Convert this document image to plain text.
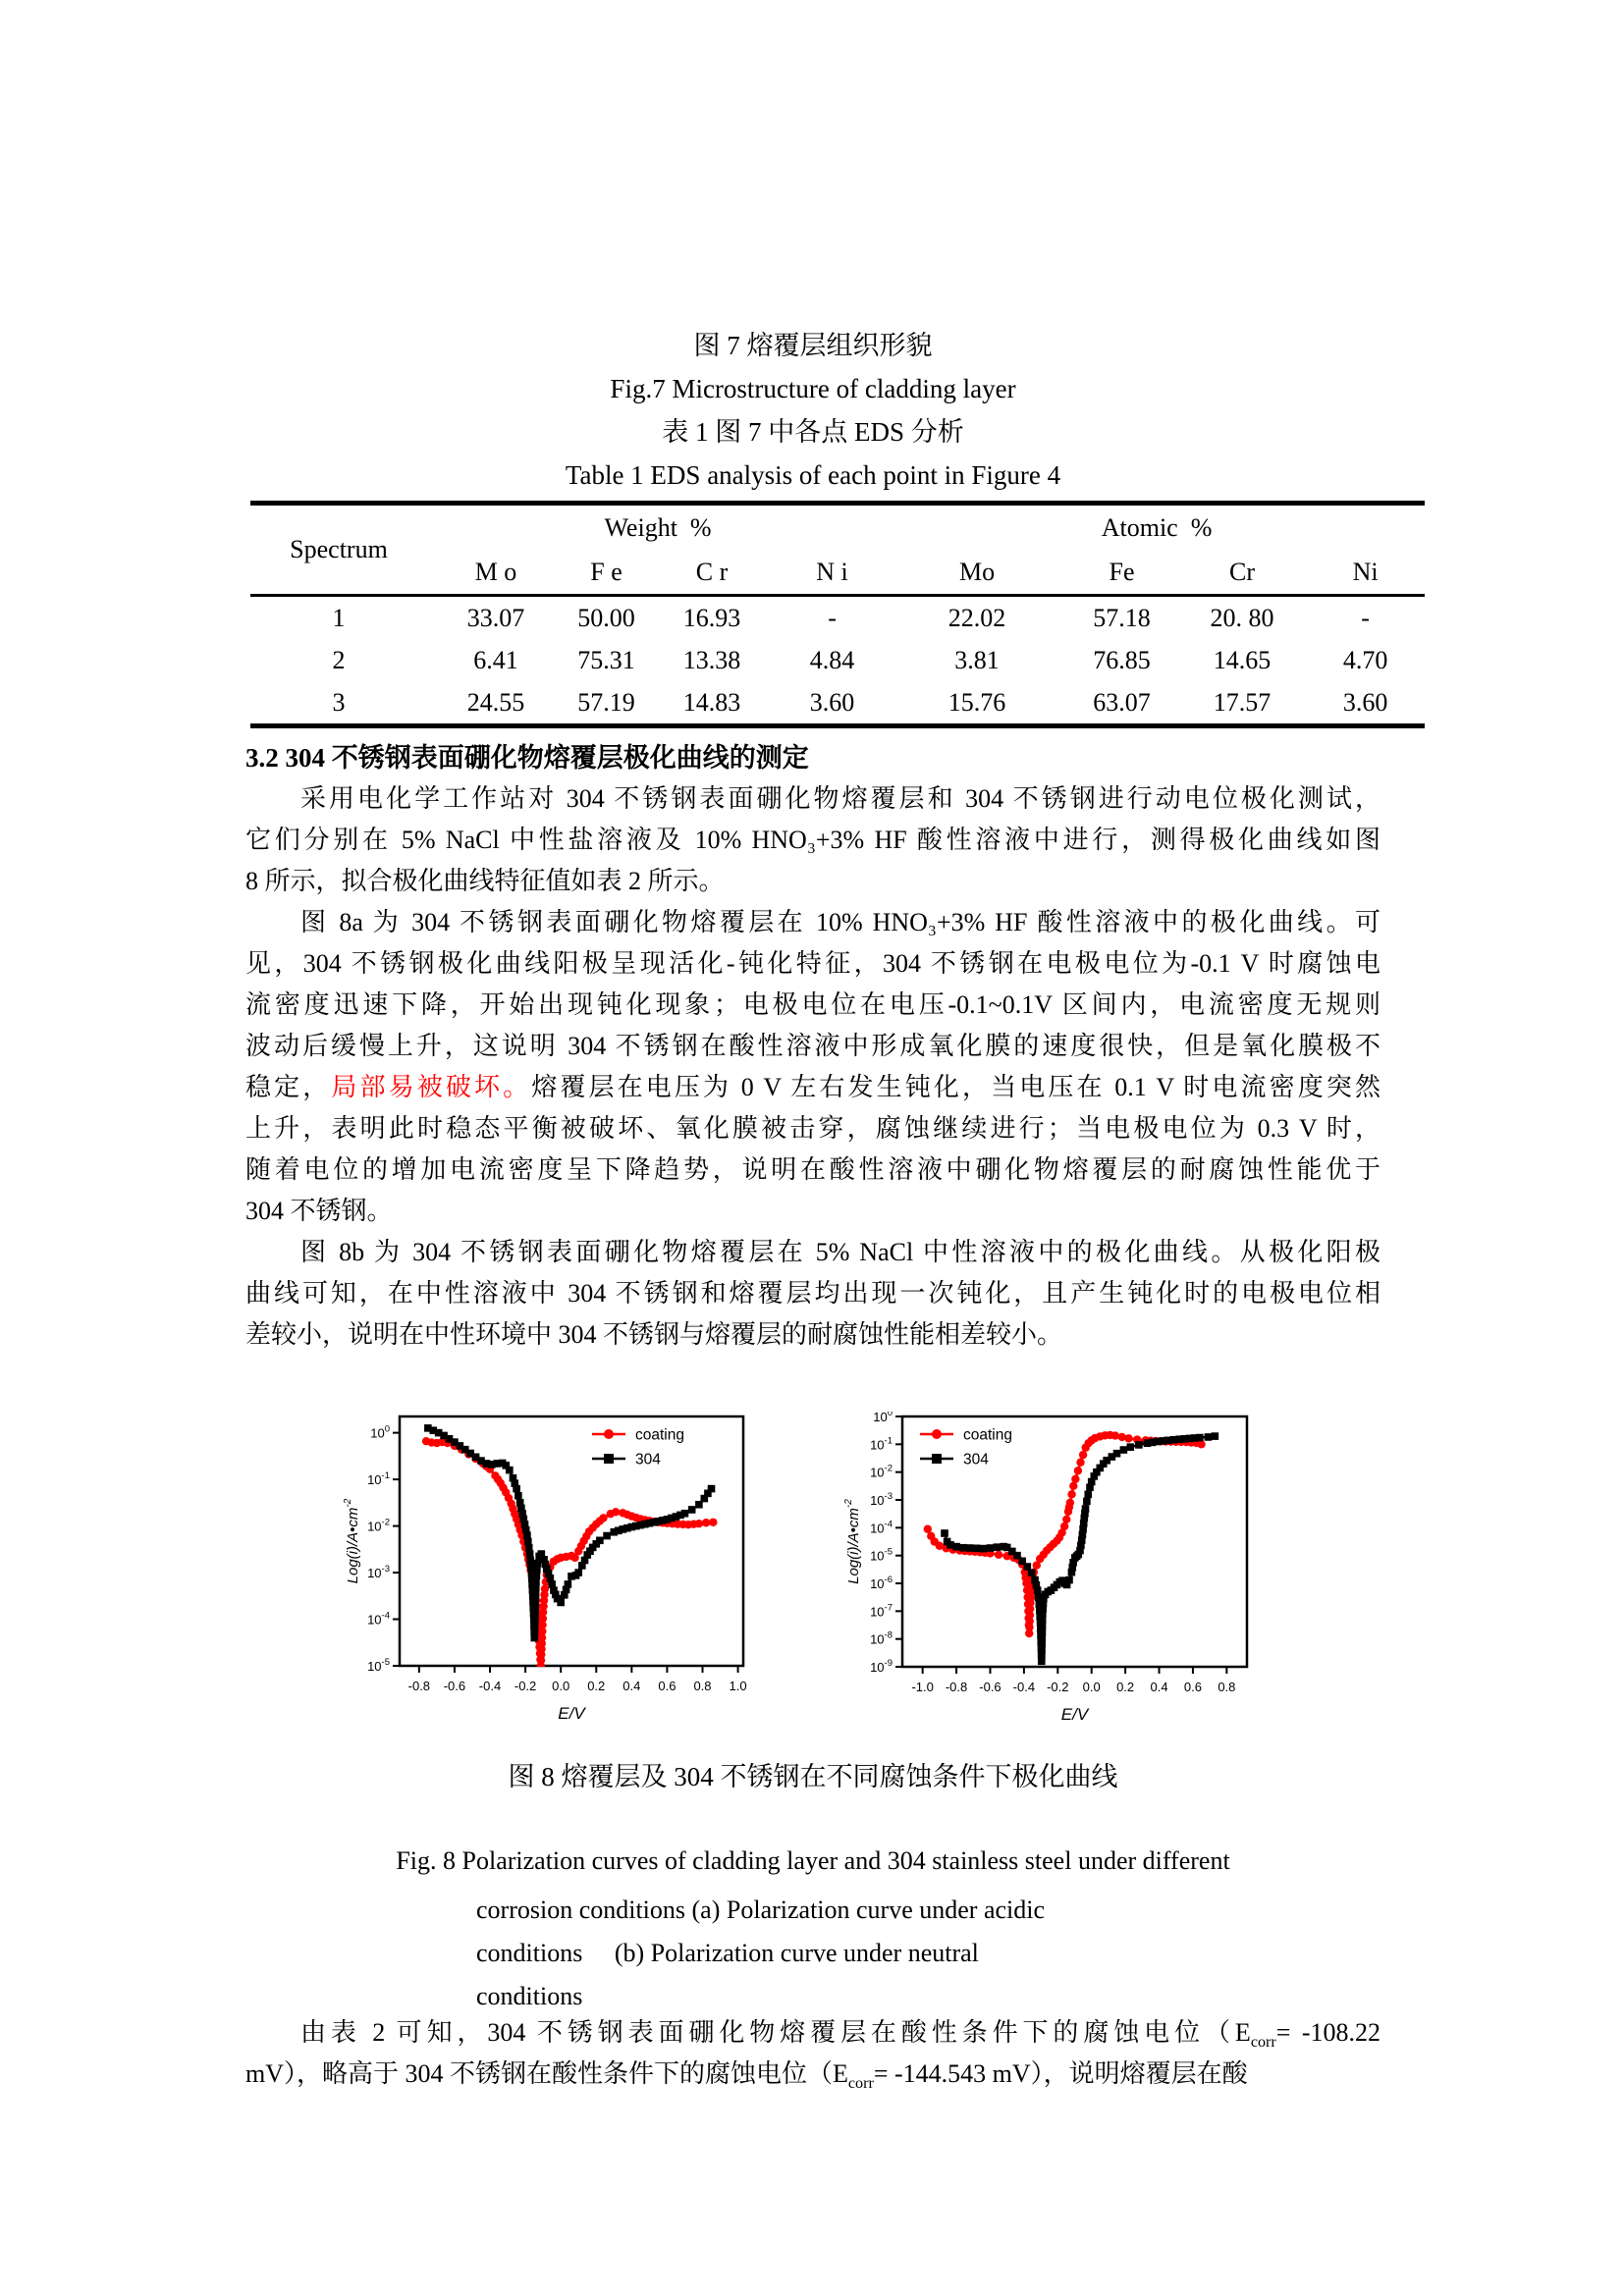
图 7 熔覆层组织形貌
Fig.7 Microstructure of cladding layer
表 1 图 7 中各点 EDS 分析
Table 1 EDS analysis of each point in Figure 4
Spectrum	Weight  %				Atomic  %			
	M o	F e	C r	N i	Mo	Fe	Cr	Ni
1	33.07	50.00	16.93	-	22.02	57.18	20. 80	-
2	6.41	75.31	13.38	4.84	3.81	76.85	14.65	4.70
3	24.55	57.19	14.83	3.60	15.76	63.07	17.57	3.60
3.2 304 不锈钢表面硼化物熔覆层极化曲线的测定
采用电化学工作站对 304 不锈钢表面硼化物熔覆层和 304 不锈钢进行动电位极化测试，
它们分别在 5% NaCl 中性盐溶液及 10% HNO₃+3% HF 酸性溶液中进行，测得极化曲线如图
8 所示，拟合极化曲线特征值如表 2 所示。
图 8a 为 304 不锈钢表面硼化物熔覆层在 10% HNO₃+3% HF 酸性溶液中的极化曲线。可
见，304 不锈钢极化曲线阳极呈现活化-钝化特征，304 不锈钢在电极电位为-0.1 V 时腐蚀电
流密度迅速下降，开始出现钝化现象；电极电位在电压-0.1~0.1V 区间内，电流密度无规则
波动后缓慢上升，这说明 304 不锈钢在酸性溶液中形成氧化膜的速度很快，但是氧化膜极不
稳定，局部易被破坏。熔覆层在电压为 0 V 左右发生钝化，当电压在 0.1 V 时电流密度突然
上升，表明此时稳态平衡被破坏、氧化膜被击穿，腐蚀继续进行；当电极电位为 0.3 V 时，
随着电位的增加电流密度呈下降趋势，说明在酸性溶液中硼化物熔覆层的耐腐蚀性能优于
304 不锈钢。
图 8b 为 304 不锈钢表面硼化物熔覆层在 5% NaCl 中性溶液中的极化曲线。从极化阳极
曲线可知，在中性溶液中 304 不锈钢和熔覆层均出现一次钝化，且产生钝化时的电极电位相
差较小，说明在中性环境中 304 不锈钢与熔覆层的耐腐蚀性能相差较小。
-0.8 -0.6 -0.4 -0.2 0.0 0.2 0.4 0.6 0.8 1.0
$10^0$
$10^{-1}$
$10^{-2}$
$10^{-3}$
$10^{-4}$
$10^{-5}$
E/V
$Log(i)/A•cm^{-2}$
coating
304
-1.0 -0.8 -0.6 -0.4 -0.2 0.0 0.2 0.4 0.6 0.8
$10^0$
$10^{-1}$
$10^{-2}$
$10^{-3}$
$10^{-4}$
$10^{-5}$
$10^{-6}$
$10^{-7}$
$10^{-8}$
$10^{-9}$
E/V
$Log(i)/A•cm^{-2}$
coating
304
图 8 熔覆层及 304 不锈钢在不同腐蚀条件下极化曲线
Fig. 8 Polarization curves of cladding layer and 304 stainless steel under different
corrosion conditions (a) Polarization curve under acidic
conditions     (b) Polarization curve under neutral
conditions
由表 2 可知，304 不锈钢表面硼化物熔覆层在酸性条件下的腐蚀电位（$E_{corr}= -108.22$
mV），略高于 304 不锈钢在酸性条件下的腐蚀电位（$E_{corr}= -144.543$ mV），说明熔覆层在酸
